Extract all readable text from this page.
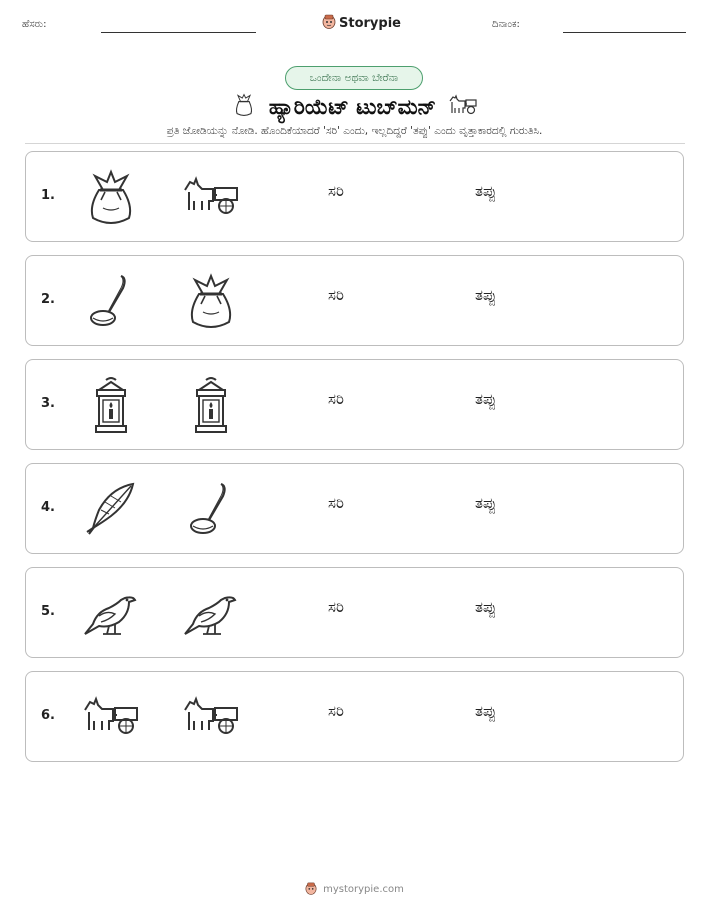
ಹೆಸರು:	Storypie	ದಿನಾಂಕ:
ಒಂದೇನಾ ಅಥವಾ ಬೇರೆನಾ
ಹ್ಯಾರಿಯೆಟ್ ಟುಬ್‌ಮನ್
ಪ್ರತಿ ಜೋಡಿಯನ್ನು ನೋಡಿ. ಹೊಂದಿಕೆಯಾದರೆ 'ಸರಿ' ಎಂದು, ಇಲ್ಲದಿದ್ದರೆ 'ತಪ್ಪು' ಎಂದು ವೃತ್ತಾಕಾರದಲ್ಲಿ ಗುರುತಿಸಿ.
1.	ಸರಿ	ತಪ್ಪು
2.	ಸರಿ	ತಪ್ಪು
3.	ಸರಿ	ತಪ್ಪು
4.	ಸರಿ	ತಪ್ಪು
5.	ಸರಿ	ತಪ್ಪು
6.	ಸರಿ	ತಪ್ಪು
mystorypie.com
